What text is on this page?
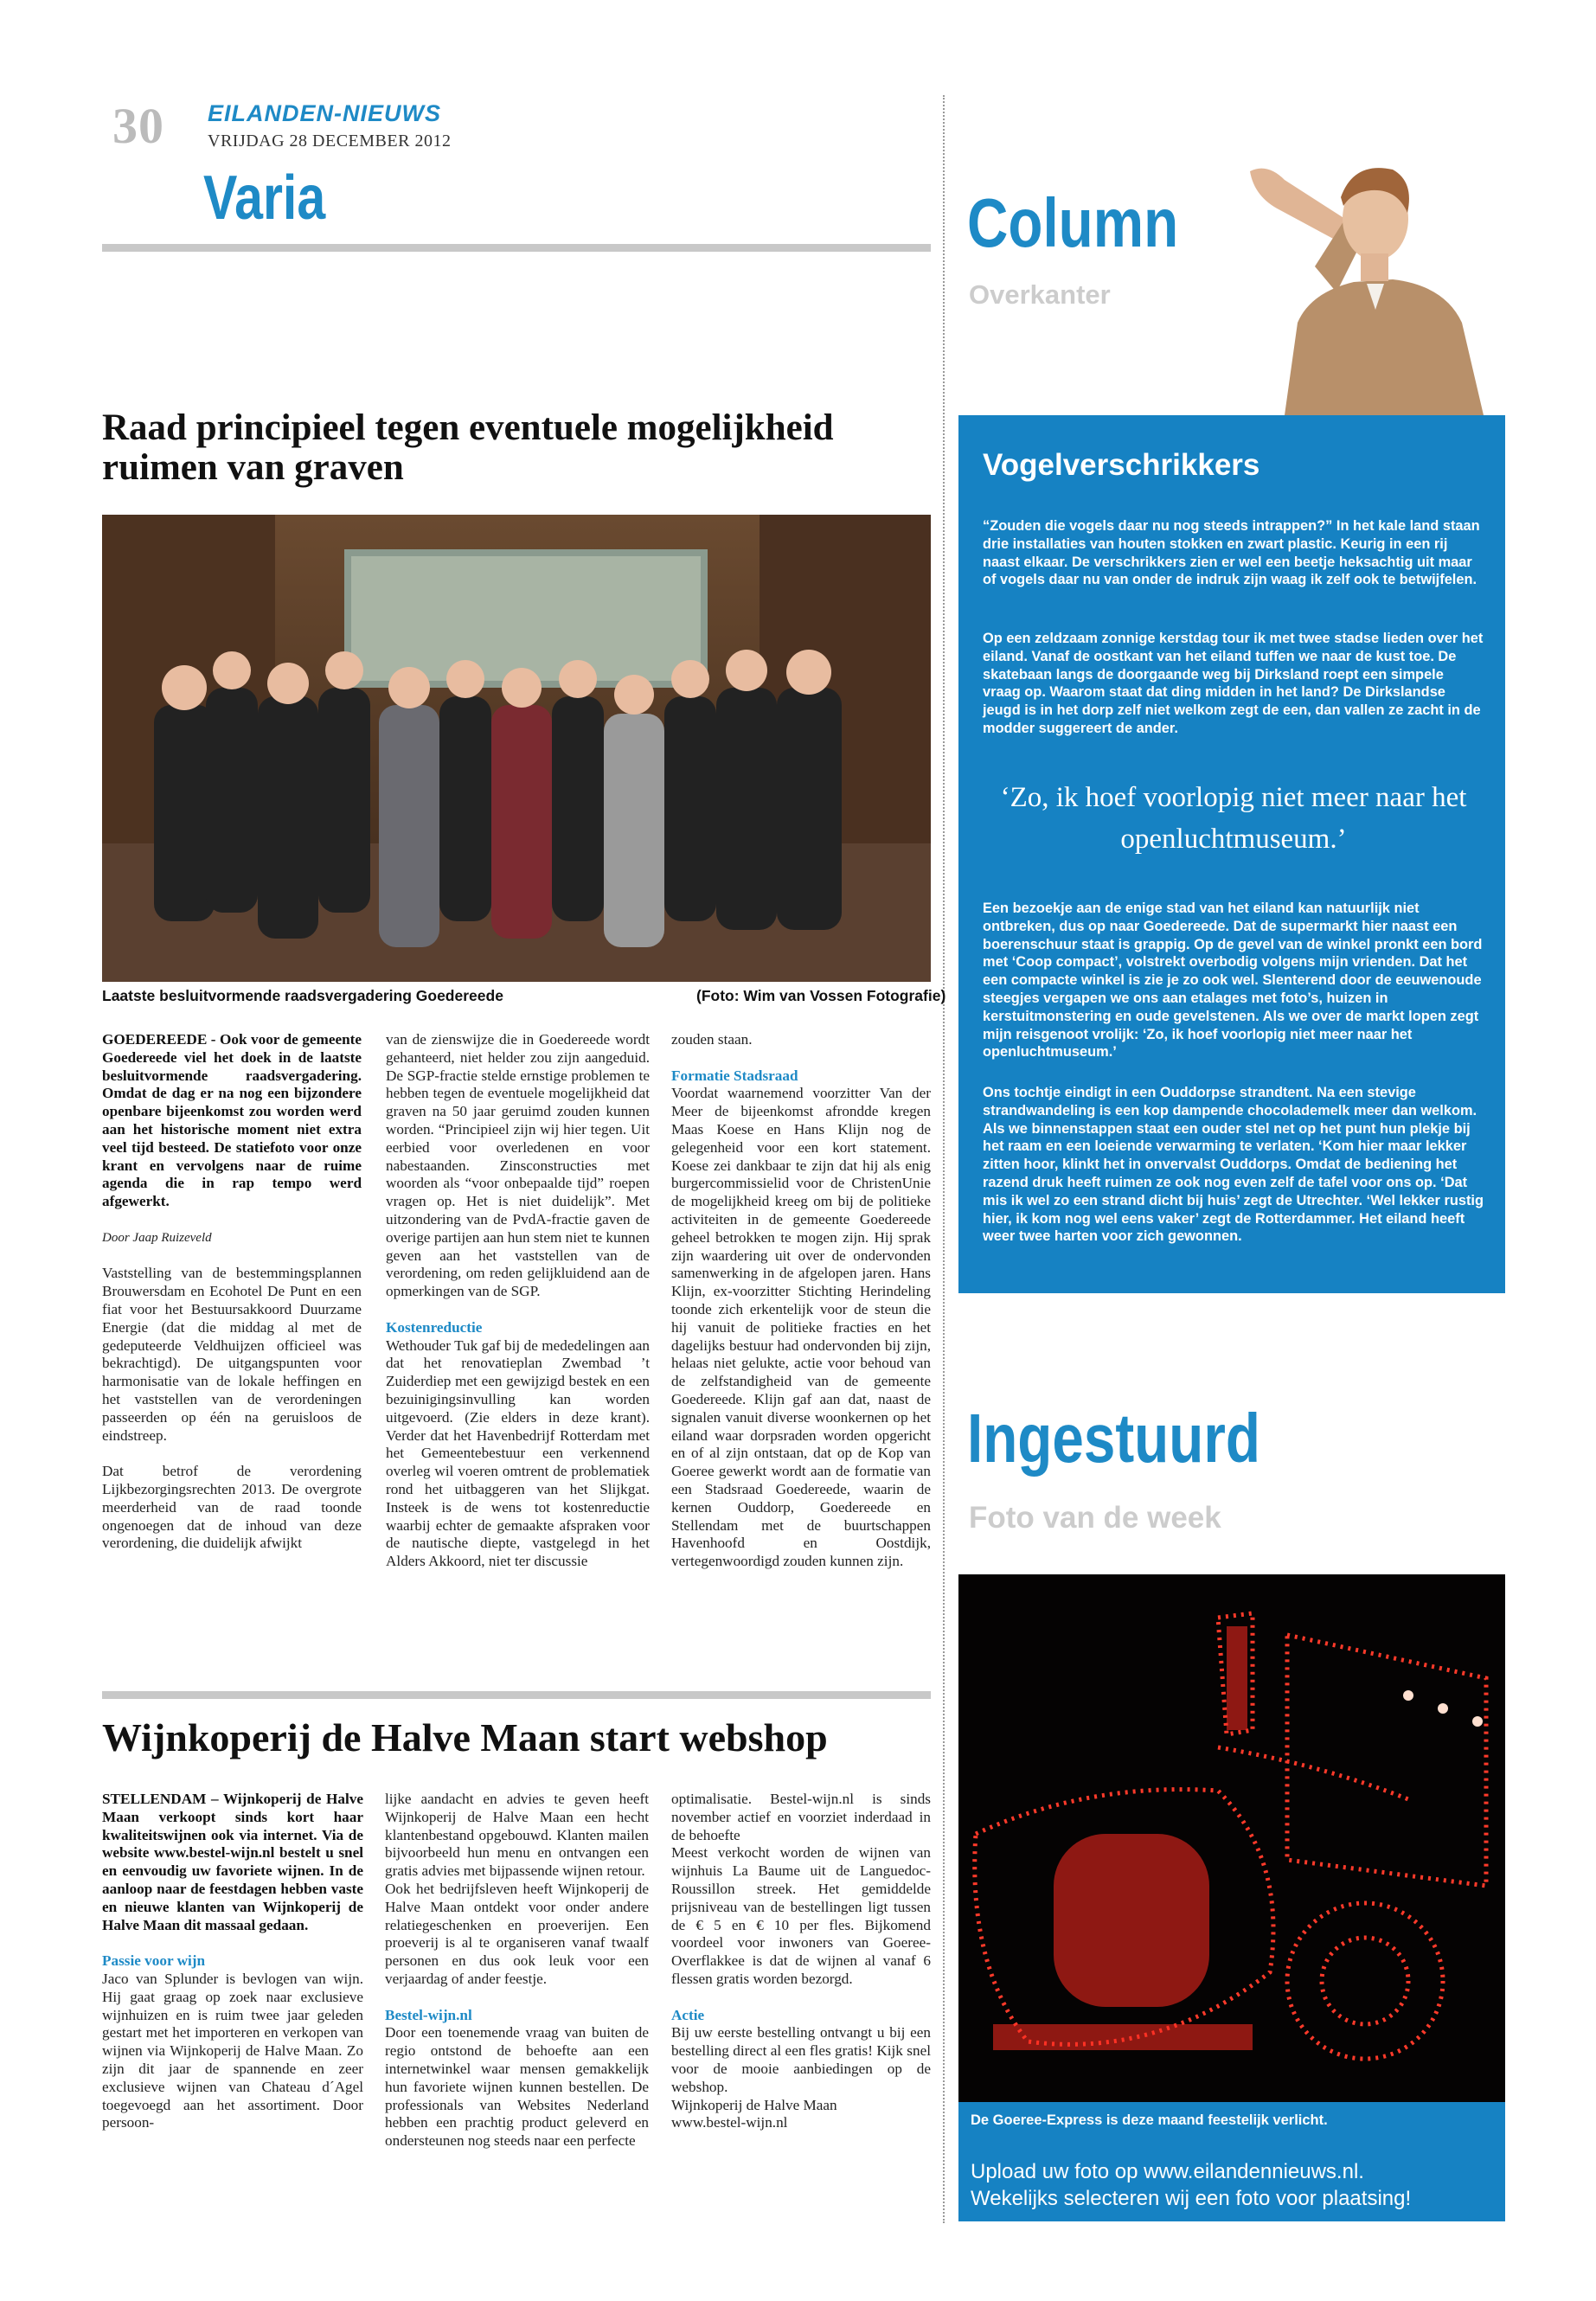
30 EILANDEN-NIEUWS
VRIJDAG 28 DECEMBER 2012
Varia	Column
Overkanter
Vogelverschrikkers
“Zouden die vogels daar nu nog steeds intrappen?” In het kale land staan drie installaties van houten stokken en zwart plastic. Keurig in een rij naast elkaar. De verschrikkers zien er wel een beetje heksachtig uit maar of vogels daar nu van onder de indruk zijn waag ik zelf ook te betwijfelen.
Op een zeldzaam zonnige kerstdag tour ik met twee stadse lieden over het eiland. Vanaf de oostkant van het eiland tuffen we naar de kust toe. De skatebaan langs de doorgaande weg bij Dirksland roept een simpele vraag op. Waarom staat dat ding midden in het land? De Dirkslandse jeugd is in het dorp zelf niet welkom zegt de een, dan vallen ze zacht in de modder suggereert de ander.
‘Zo, ik hoef voorlopig niet meer naar het openluchtmuseum.’
Een bezoekje aan de enige stad van het eiland kan natuurlijk niet ontbreken, dus op naar Goedereede. Dat de supermarkt hier naast een boerenschuur staat is grappig. Op de gevel van de winkel pronkt een bord met ‘Coop compact’, volstrekt overbodig volgens mijn vrienden. Dat het een compacte winkel is zie je zo ook wel. Slenterend door de eeuwenoude steegjes vergapen we ons aan etalages met foto’s, huizen in kerstuitmonstering en oude gevelstenen. Als we over de markt lopen zegt mijn reisgenoot vrolijk: ‘Zo, ik hoef voorlopig niet meer naar het openluchtmuseum.’
Ons tochtje eindigt in een Ouddorpse strandtent. Na een stevige strandwandeling is een kop dampende chocolademelk meer dan welkom. Als we binnenstappen staat een ouder stel net op het punt hun plekje bij het raam en een loeiende verwarming te verlaten. ‘Kom hier maar lekker zitten hoor, klinkt het in onvervalst Ouddorps. Omdat de bediening het razend druk heeft ruimen ze ook nog even zelf de tafel voor ons op. ‘Dat mis ik wel zo een strand dicht bij huis’ zegt de Utrechter. ‘Wel lekker rustig hier, ik kom nog wel eens vaker’ zegt de Rotterdammer. Het eiland heeft weer twee harten voor zich gewonnen.
Raad principieel tegen eventuele mogelijkheid
ruimen van graven
Laatste besluitvormende raadsvergadering Goedereede	(Foto: Wim van Vossen Fotografie)

GOEDEREEDE - Ook voor de gemeente Goedereede viel het doek in de laatste besluitvormende raadsvergadering. Omdat de dag er na nog een bijzondere openbare bijeenkomst zou worden werd aan het historische moment niet extra veel tijd besteed. De statiefoto voor onze krant en vervolgens naar de ruime agenda die in rap tempo werd afgewerkt.

Door Jaap Ruizeveld

Vaststelling van de bestemmingsplannen Brouwersdam en Ecohotel De Punt en een fiat voor het Bestuursakkoord Duurzame Energie (dat die middag al met de gedeputeerde Veldhuijzen officieel was bekrachtigd). De uitgangspunten voor harmonisatie van de lokale heffingen en het vaststellen van de verordeningen passeerden op één na geruisloos de eindstreep.

Dat betrof de verordening Lijkbezorgingsrechten 2013. De overgrote meerderheid van de raad toonde ongenoegen dat de inhoud van deze verordening, die duidelijk afwijkt

van de zienswijze die in Goedereede wordt gehanteerd, niet helder zou zijn aangeduid. De SGP-fractie stelde ernstige problemen te hebben tegen de eventuele mogelijkheid dat graven na 50 jaar geruimd zouden kunnen worden. “Principieel zijn wij hier tegen. Uit eerbied voor overledenen en voor nabestaanden. Zinsconstructies met woorden als “voor onbepaalde tijd” roepen vragen op. Het is niet duidelijk”. Met uitzondering van de PvdA-fractie gaven de overige partijen aan hun stem niet te kunnen geven aan het vaststellen van de verordening, om reden gelijkluidend aan de opmerkingen van de SGP.

Kostenreductie

Wethouder Tuk gaf bij de mededelingen aan dat het renovatieplan Zwembad ’t Zuiderdiep met een gewijzigd bestek en een bezuinigingsinvulling kan worden uitgevoerd. (Zie elders in deze krant). Verder dat het Havenbedrijf Rotterdam met het Gemeentebestuur een verkennend overleg wil voeren omtrent de problematiek rond het uitbaggeren van het Slijkgat. Insteek is de wens tot kostenreductie waarbij echter de gemaakte afspraken voor de nautische diepte, vastgelegd in het Alders Akkoord, niet ter discussie

zouden staan.

Formatie Stadsraad

Voordat waarnemend voorzitter Van der Meer de bijeenkomst afrondde kregen Maas Koese en Hans Klijn nog de gelegenheid voor een kort statement. Koese zei dankbaar te zijn dat hij als enig burgercommissielid voor de ChristenUnie de mogelijkheid kreeg om bij de politieke activiteiten in de gemeente Goedereede geheel betrokken te mogen zijn. Hij sprak zijn waardering uit over de ondervonden samenwerking in de afgelopen jaren. Hans Klijn, ex-voorzitter Stichting Herindeling toonde zich erkentelijk voor de steun die hij vanuit de politieke fracties en het dagelijks bestuur had ondervonden bij zijn, helaas niet gelukte, actie voor behoud van de zelfstandigheid van de gemeente Goedereede. Klijn gaf aan dat, naast de signalen vanuit diverse woonkernen op het eiland waar dorpsraden worden opgericht en of al zijn ontstaan, dat op de Kop van Goeree gewerkt wordt aan de formatie van een Stadsraad Goedereede, waarin de kernen Ouddorp, Goedereede en Stellendam met de buurtschappen Havenhoofd en Oostdijk, vertegenwoordigd zouden kunnen zijn.

Wijnkoperij de Halve Maan start webshop

STELLENDAM – Wijnkoperij de Halve Maan verkoopt sinds kort haar kwaliteitswijnen ook via internet. Via de website www.bestel-wijn.nl bestelt u snel en eenvoudig uw favoriete wijnen. In de aanloop naar de feestdagen hebben vaste en nieuwe klanten van Wijnkoperij de Halve Maan dit massaal gedaan.

Passie voor wijn

Jaco van Splunder is bevlogen van wijn. Hij gaat graag op zoek naar exclusieve wijnhuizen en is ruim twee jaar geleden gestart met het importeren en verkopen van wijnen via Wijnkoperij de Halve Maan. Zo zijn dit jaar de spannende en zeer exclusieve wijnen van Chateau d´Agel toegevoegd aan het assortiment. Door persoon-

lijke aandacht en advies te geven heeft Wijnkoperij de Halve Maan een hecht klantenbestand opgebouwd. Klanten mailen bijvoorbeeld hun menu en ontvangen een gratis advies met bijpassende wijnen retour.

Ook het bedrijfsleven heeft Wijnkoperij de Halve Maan ontdekt voor onder andere relatiegeschenken en proeverijen. Een proeverij is al te organiseren vanaf twaalf personen en dus ook leuk voor een verjaardag of ander feestje.

Bestel-wijn.nl

Door een toenemende vraag van buiten de regio ontstond de behoefte aan een internetwinkel waar mensen gemakkelijk hun favoriete wijnen kunnen bestellen. De professionals van Websites Nederland hebben een prachtig product geleverd en ondersteunen nog steeds naar een perfecte

optimalisatie. Bestel-wijn.nl is sinds november actief en voorziet inderdaad in de behoefte

Meest verkocht worden de wijnen van wijnhuis La Baume uit de Languedoc-Roussillon streek. Het gemiddelde prijsniveau van de bestellingen ligt tussen de € 5 en € 10 per fles. Bijkomend voordeel voor inwoners van Goeree-Overflakkee is dat de wijnen al vanaf 6 flessen gratis worden bezorgd.

Actie
Bij uw eerste bestelling ontvangt u bij een bestelling direct al een fles gratis! Kijk snel voor de mooie aanbiedingen op de webshop.
Wijnkoperij de Halve Maan
www.bestel-wijn.nl
Ingestuurd
Foto van de week
De Goeree-Express is deze maand feestelijk verlicht.
Upload uw foto op www.eilandennieuws.nl.
Wekelijks selecteren wij een foto voor plaatsing!
